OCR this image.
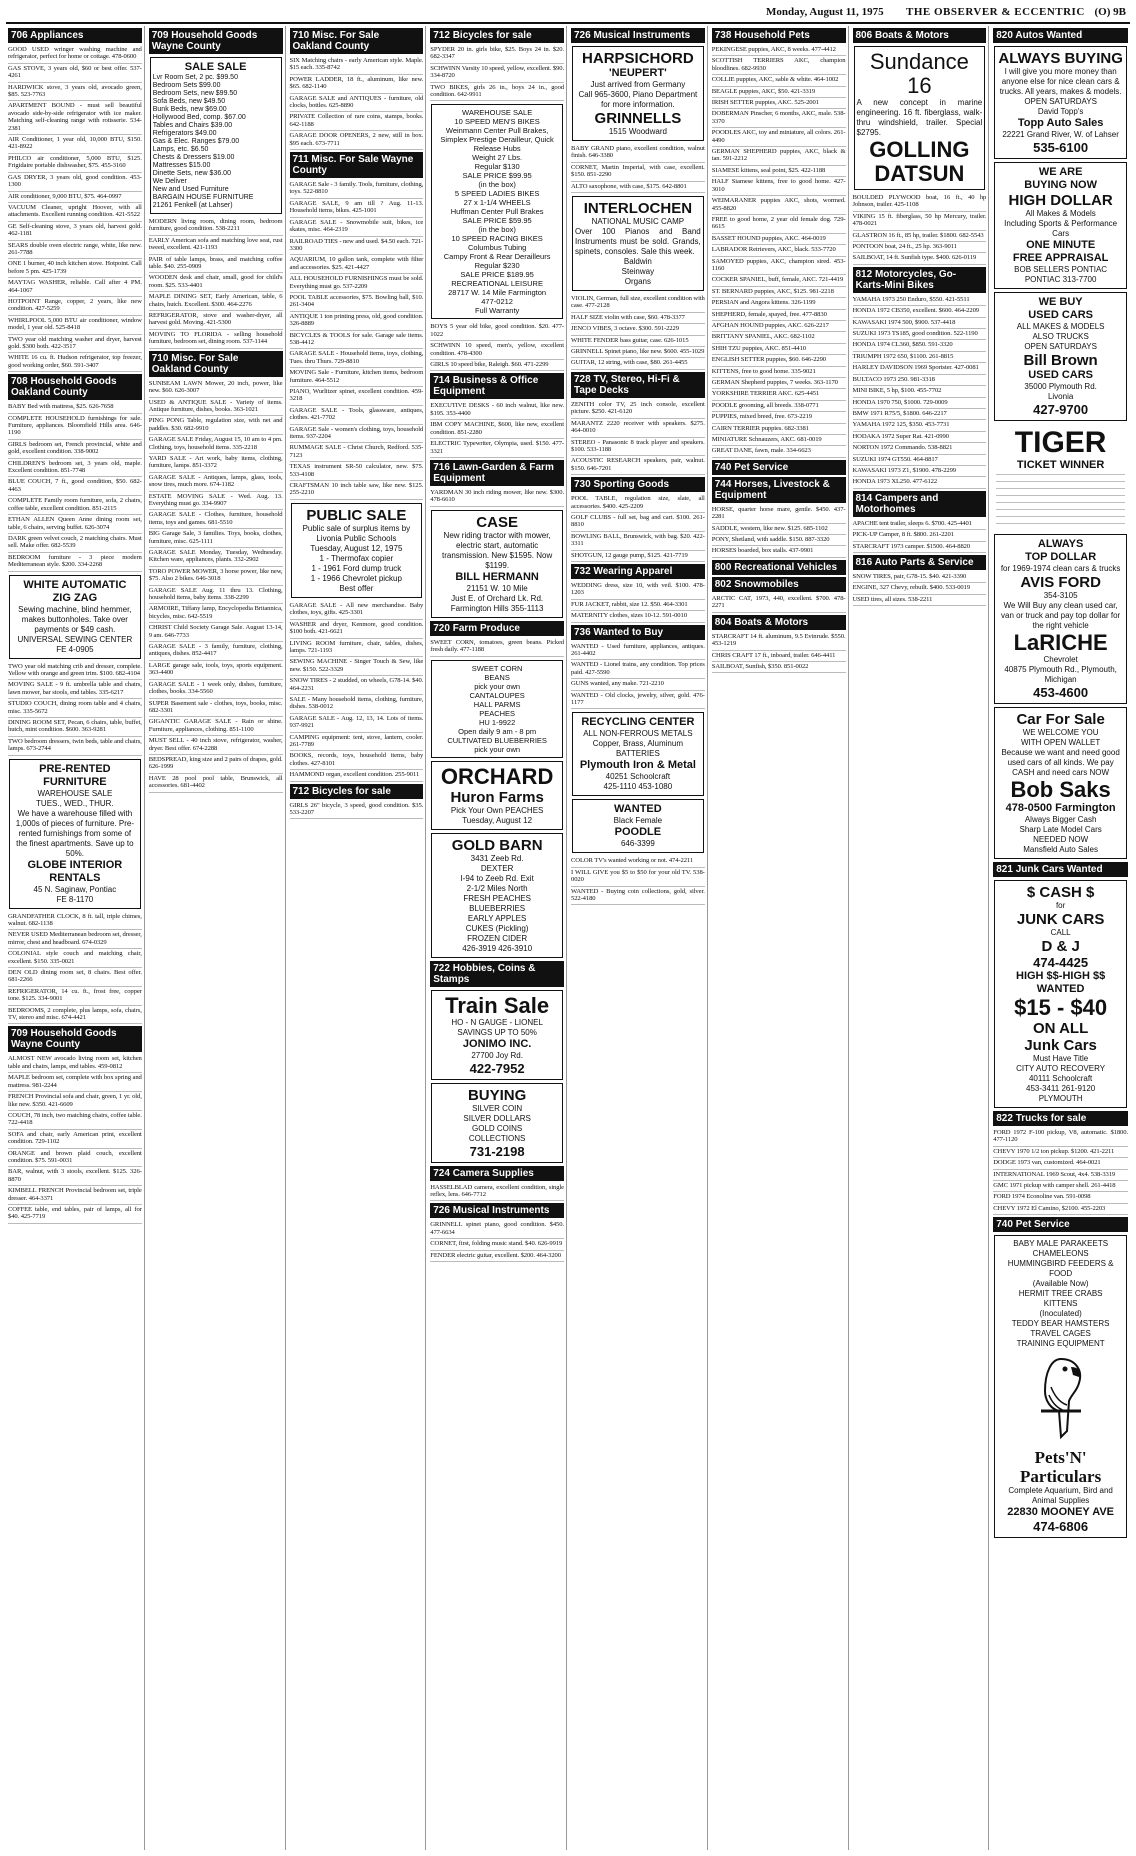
Monday, August 11, 1975 THE OBSERVER & ECCENTRIC (O) 9B
706 Appliances
GOOD USED wringer washing machine and refrigerator, perfect for home or cottage. 478-0600
GAS STOVE, 3 years old, $60 or best offer. 537-4261
HARDWICK stove, 3 years old, avocado green, $85. 523-7763
APARTMENT BOUND - must sell beautiful avocado side-by-side refrigerator with ice maker. Matching self-cleaning range with rotisserie. 534-2381
AIR Conditioner, 1 year old, 10,000 BTU, $150. 421-8922
PHILCO air conditioner, 5,000 BTU, $125. Frigidaire portable dishwasher, $75. 455-3160
GAS DRYER, 3 years old, good condition. 453-1300
AIR conditioner, 9,000 BTU, $75. 464-0997
VACUUM Cleaner, upright Hoover, with all attachments. Excellent running condition. 421-5522
GE Self-cleaning stove, 3 years old, harvest gold. 462-1181
SEARS double oven electric range, white, like new. 261-7788
ONE 1 burner, 40 inch kitchen stove. Hotpoint. Call before 5 pm. 425-1739
MAYTAG WASHER, reliable. Call after 4 PM. 464-1067
HOTPOINT Range, copper, 2 years, like new condition. 427-5259
WHIRLPOOL 5,000 BTU air conditioner, window model, 1 year old. 525-8418
TWO year old matching washer and dryer, harvest gold. $300 both. 422-3517
WHITE 16 cu. ft. Hudson refrigerator, top freezer, good working order, $60. 591-3407
708 Household Goods Oakland County
BABY Bed with mattress, $25. 626-7658
COMPLETE HOUSEHOLD furnishings for sale. Furniture, appliances. Bloomfield Hills area. 646-1190
GIRLS bedroom set, French provincial, white and gold, excellent condition. 338-9002
CHILDREN'S bedroom set, 3 years old, maple. Excellent condition. 851-7748
BLUE COUCH, 7 ft., good condition, $50. 682-4463
COMPLETE Family room furniture, sofa, 2 chairs, coffee table, excellent condition. 851-2115
ETHAN ALLEN Queen Anne dining room set, table, 6 chairs, serving buffet. 626-3074
DARK green velvet couch, 2 matching chairs. Must sell. Make offer. 682-5539
BEDROOM furniture - 3 piece modern Mediterranean style. $200. 334-2268
WHITE AUTOMATIC
ZIG ZAG
Sewing machine, blind hemmer, makes buttonholes. Take over payments or $49 cash. UNIVERSAL SEWING CENTER
FE 4-0905
TWO year old matching crib and dresser, complete. Yellow with orange and green trim. $100. 682-4104
MOVING SALE - 9 ft. umbrella table and chairs, lawn mower, bar stools, end tables. 335-6217
STUDIO COUCH, dining room table and 4 chairs, misc. 335-5672
DINING ROOM SET, Pecan, 6 chairs, table, buffet, hutch, mint condition. $600. 363-9281
TWO bedroom dressers, twin beds, table and chairs, lamps. 673-2744
PRE-RENTED FURNITURE
WAREHOUSE SALE
TUES., WED., THUR.
We have a warehouse filled with 1,000s of pieces of furniture. Pre-rented furnishings from some of the finest apartments. Save up to 50%.
GLOBE INTERIOR RENTALS
45 N. Saginaw, Pontiac
FE 8-1170
GRANDFATHER CLOCK, 8 ft. tall, triple chimes, walnut. 682-1138
NEVER USED Mediterranean bedroom set, dresser, mirror, chest and headboard. 674-0329
COLONIAL style couch and matching chair, excellent. $150. 335-0021
DEN OLD dining room set, 8 chairs. Best offer. 681-2266
REFRIGERATOR, 14 cu. ft., frost free, copper tone. $125. 334-9001
BEDROOMS, 2 complete, plus lamps, sofa, chairs, TV, stereo and misc. 674-4421
709 Household Goods Wayne County
ALMOST NEW avocado living room set, kitchen table and chairs, lamps, end tables. 459-0812
MAPLE bedroom set, complete with box spring and mattress. 981-2244
FRENCH Provincial sofa and chair, green, 1 yr. old, like new. $350. 421-6609
COUCH, 78 inch, two matching chairs, coffee table. 722-4418
SOFA and chair, early American print, excellent condition. 729-1102
ORANGE and brown plaid couch, excellent condition. $75. 591-0031
BAR, walnut, with 3 stools, excellent. $125. 326-8870
KIMBELL FRENCH Provincial bedroom set, triple dresser. 464-3371
COFFEE table, end tables, pair of lamps, all for $40. 425-7719
709 Household Goods Wayne County
SALE SALE
Lvr Room Set, 2 pc. $99.50
Bedroom Sets $99.00
Bedroom Sets, new $99.50
Sofa Beds, new $49.50
Bunk Beds, new $69.00
Hollywood Bed, comp. $67.00
Tables and Chairs $39.00
Refrigerators $49.00
Gas & Elec. Ranges $79.00
Lamps, etc. $6.50
Chests & Dressers $19.00
Mattresses $15.00
Dinette Sets, new $36.00
We Deliver
New and Used Furniture
BARGAIN HOUSE FURNITURE
21261 Fenkell (at Lahser)
MODERN living room, dining room, bedroom furniture, good condition. 538-2211
EARLY American sofa and matching love seat, rust tweed, excellent. 421-1193
PAIR of table lamps, brass, and matching coffee table. $40. 255-0909
WOODEN desk and chair, small, good for child's room. $25. 533-4401
MAPLE DINING SET, Early American, table, 6 chairs, hutch. Excellent. $300. 464-2276
REFRIGERATOR, stove and washer-dryer, all harvest gold. Moving. 421-5300
MOVING TO FLORIDA - selling household furniture, bedroom set, dining room. 537-1144
710 Misc. For Sale Oakland County
SUNBEAM LAWN Mower, 20 inch, power, like new. $60. 626-3007
USED & ANTIQUE SALE - Variety of items. Antique furniture, dishes, books. 363-1021
PING PONG Table, regulation size, with net and paddles. $30. 682-9910
GARAGE SALE Friday, August 15, 10 am to 4 pm. Clothing, toys, household items. 335-2218
YARD SALE - Art work, baby items, clothing, furniture, lamps. 851-3372
GARAGE SALE - Antiques, lamps, glass, tools, snow tires, much more. 674-1182
ESTATE MOVING SALE - Wed. Aug. 13. Everything must go. 334-9907
GARAGE SALE - Clothes, furniture, household items, toys and games. 681-5510
BIG Garage Sale, 3 families. Toys, books, clothes, furniture, misc. 625-1111
GARAGE SALE Monday, Tuesday, Wednesday. Kitchen ware, appliances, plants. 332-2902
TORO POWER MOWER, 3 horse power, like new, $75. Also 2 bikes. 646-3018
GARAGE SALE Aug. 11 thru 13. Clothing, household items, baby items. 338-2299
ARMOIRE, Tiffany lamp, Encyclopedia Britannica, bicycles, misc. 642-5519
CHRIST Child Society Garage Sale. August 13-14, 9 am. 646-7733
GARAGE SALE - 3 family, furniture, clothing, antiques, dishes. 852-4417
LARGE garage sale, tools, toys, sports equipment. 363-4400
GARAGE SALE - 1 week only, dishes, furniture, clothes, books. 334-5560
SUPER Basement sale - clothes, toys, books, misc. 682-3301
GIGANTIC GARAGE SALE - Rain or shine. Furniture, appliances, clothing. 851-1100
MUST SELL - 40 inch stove, refrigerator, washer, dryer. Best offer. 674-2288
BEDSPREAD, king size and 2 pairs of drapes, gold. 626-1999
HAVE 28 pool pool table, Brunswick, all accessories. 681-4402
710 Misc. For Sale Oakland County
SIX Matching chairs - early American style. Maple. $15 each. 335-8742
POWER LADDER, 18 ft., aluminum, like new. $65. 682-1140
GARAGE SALE and ANTIQUES - furniture, old clocks, bottles. 625-8890
PRIVATE Collection of rare coins, stamps, books. 642-1188
GARAGE DOOR OPENERS, 2 new, still in box. $95 each. 673-7711
711 Misc. For Sale Wayne County
GARAGE Sale - 3 family. Tools, furniture, clothing, toys. 522-8810
GARAGE SALE, 9 am till ? Aug. 11-13. Household items, bikes. 425-1001
GARAGE SALE - Snowmobile suit, bikes, ice skates, misc. 464-2319
RAILROAD TIES - new and used. $4.50 each. 721-3300
AQUARIUM, 10 gallon tank, complete with filter and accessories. $25. 421-4427
ALL HOUSEHOLD FURNISHINGS must be sold. Everything must go. 537-2209
POOL TABLE accessories, $75. Bowling ball, $10. 261-3404
ANTIQUE 1 ton printing press, old, good condition. 326-8889
BICYCLES & TOOLS for sale. Garage sale items. 538-4412
GARAGE SALE - Household items, toys, clothing, Tues. thru Thurs. 729-8810
MOVING Sale - Furniture, kitchen items, bedroom furniture. 464-5512
PIANO, Wurlitzer spinet, excellent condition. 459-3218
GARAGE SALE - Tools, glassware, antiques, clothes. 421-7702
GARAGE Sale - women's clothing, toys, household items. 937-2204
RUMMAGE SALE - Christ Church, Redford. 535-7123
TEXAS instrument SR-50 calculator, new. $75. 533-4108
CRAFTSMAN 10 inch table saw, like new. $125. 255-2210
PUBLIC SALE
Public sale of surplus items by Livonia Public Schools
Tuesday, August 12, 1975
1 - Thermofax copier
1 - 1961 Ford dump truck
1 - 1966 Chevrolet pickup
Best offer
GARAGE SALE - All new merchandise. Baby clothes, toys, gifts. 425-3301
WASHER and dryer, Kenmore, good condition. $100 both. 421-6621
LIVING ROOM furniture, chair, tables, dishes, lamps. 721-1193
SEWING MACHINE - Singer Touch & Sew, like new. $150. 522-3329
SNOW TIRES - 2 studded, on wheels, G78-14. $40. 464-2231
SALE - Many household items, clothing, furniture, dishes. 538-0012
GARAGE SALE - Aug. 12, 13, 14. Lots of items. 937-9921
CAMPING equipment: tent, stove, lantern, cooler. 261-7789
BOOKS, records, toys, household items, baby clothes. 427-8101
HAMMOND organ, excellent condition. 255-9011
712 Bicycles for sale
GIRLS 26" bicycle, 3 speed, good condition. $35. 533-2207
712 Bicycles for sale
SPYDER 20 in. girls bike, $25. Boys 24 in. $20. 682-3347
SCHWINN Varsity 10 speed, yellow, excellent. $90. 334-8720
TWO BIKES, girls 26 in., boys 24 in., good condition. 642-9911
WAREHOUSE SALE
10 SPEED MEN'S BIKES
Weinmann Center Pull Brakes, Simplex Prestige Derailleur, Quick Release Hubs
Weight 27 Lbs.
Regular $130
SALE PRICE $99.95
(in the box)
5 SPEED LADIES BIKES
27 x 1-1/4 WHEELS
Huffman Center Pull Brakes
SALE PRICE $59.95
(in the box)
10 SPEED RACING BIKES
Columbus Tubing
Campy Front & Rear Derailleurs
Regular $230
SALE PRICE $189.95
RECREATIONAL LEISURE
28717 W. 14 Mile Farmington
477-0212
Full Warranty
BOYS 5 year old bike, good condition. $20. 477-1022
SCHWINN 10 speed, men's, yellow, excellent condition. 478-4300
GIRLS 10 speed bike, Raleigh. $60. 471-2299
714 Business & Office Equipment
EXECUTIVE DESKS - 60 inch walnut, like new. $195. 353-4400
IBM COPY MACHINE, $600, like new, excellent condition. 851-2280
ELECTRIC Typewriter, Olympia, used. $150. 477-3321
716 Lawn-Garden & Farm Equipment
YARDMAN 30 inch riding mower, like new. $300. 478-6610
CASE
New riding tractor with mower, electric start, automatic transmission. New $1595. Now $1199.
BILL HERMANN
21151 W. 10 Mile
Just E. of Orchard Lk. Rd.
Farmington Hills 355-1113
720 Farm Produce
SWEET CORN, tomatoes, green beans. Picked fresh daily. 477-1188
SWEET CORN
BEANS
pick your own
CANTALOUPES
HALL PARMS
PEACHES
HU 1-9922
Open daily 9 am - 8 pm
CULTIVATED BLUEBERRIES
pick your own
ORCHARD
Huron Farms
Pick Your Own PEACHES
Tuesday, August 12
GOLD BARN
3431 Zeeb Rd.
DEXTER
I-94 to Zeeb Rd. Exit
2-1/2 Miles North
FRESH PEACHES
BLUEBERRIES
EARLY APPLES
CUKES (Pickling)
FROZEN CIDER
426-3919 426-3910
722 Hobbies, Coins & Stamps
Train Sale
HO - N GAUGE - LIONEL
SAVINGS UP TO 50%
JONIMO INC.
27700 Joy Rd.
422-7952
BUYING
SILVER COIN
SILVER DOLLARS
GOLD COINS
COLLECTIONS
731-2198
724 Camera Supplies
HASSELBLAD camera, excellent condition, single reflex, lens. 646-7712
726 Musical Instruments
GRINNELL spinet piano, good condition. $450. 477-6634
CORNET, first, folding music stand. $40. 626-9919
FENDER electric guitar, excellent. $200. 464-3200
726 Musical Instruments
HARPSICHORD
'NEUPERT'
Just arrived from Germany
Call 965-3600, Piano Department for more information.
GRINNELLS
1515 Woodward
BABY GRAND piano, excellent condition, walnut finish. 646-3380
CORNET, Martin Imperial, with case, excellent. $150. 851-2290
ALTO saxophone, with case, $175. 642-8801
INTERLOCHEN
NATIONAL MUSIC CAMP
Over 100 Pianos and Band Instruments must be sold. Grands, spinets, consoles. Sale this week.
Baldwin
Steinway
Organs
VIOLIN, German, full size, excellent condition with case. 477-2128
HALF SIZE violin with case, $60. 478-3377
JENCO VIBES, 3 octave. $300. 591-2229
WHITE FENDER bass guitar, case. 626-1015
GRINNELL Spinet piano, like new. $600. 455-1029
GUITAR, 12 string, with case, $80. 261-4455
728 TV, Stereo, Hi-Fi & Tape Decks
ZENITH color TV, 25 inch console, excellent picture. $250. 421-6120
MARANTZ 2220 receiver with speakers. $275. 464-0010
STEREO - Panasonic 8 track player and speakers. $100. 533-1188
ACOUSTIC RESEARCH speakers, pair, walnut. $150. 646-7201
730 Sporting Goods
POOL TABLE, regulation size, slate, all accessories. $400. 425-2209
GOLF CLUBS - full set, bag and cart. $100. 261-8810
BOWLING BALL, Brunswick, with bag. $20. 422-3311
SHOTGUN, 12 gauge pump, $125. 421-7719
732 Wearing Apparel
WEDDING dress, size 10, with veil. $100. 478-1203
FUR JACKET, rabbit, size 12. $50. 464-3301
MATERNITY clothes, sizes 10-12. 591-0010
736 Wanted to Buy
WANTED - Used furniture, appliances, antiques. 261-4402
WANTED - Lionel trains, any condition. Top prices paid. 427-5590
GUNS wanted, any make. 721-2210
WANTED - Old clocks, jewelry, silver, gold. 476-1177
RECYCLING CENTER
ALL NON-FERROUS METALS
Copper, Brass, Aluminum
BATTERIES
Plymouth Iron & Metal
40251 Schoolcraft
425-1110 453-1080
WANTED
Black Female
POODLE
646-3399
COLOR TV's wanted working or not. 474-2211
I WILL GIVE you $5 to $50 for your old TV. 538-0020
WANTED - Buying coin collections, gold, silver. 522-4180
738 Household Pets
PEKINGESE puppies, AKC, 8 weeks. 477-4412
SCOTTISH TERRIERS AKC, champion bloodlines. 682-9930
COLLIE puppies, AKC, sable & white. 464-1002
BEAGLE puppies, AKC, $50. 421-3319
IRISH SETTER puppies, AKC. 525-2001
DOBERMAN Pinscher, 6 months, AKC, male. 538-3370
POODLES AKC, toy and miniature, all colors. 261-4490
GERMAN SHEPHERD puppies, AKC, black & tan. 591-2212
SIAMESE kittens, seal point, $25. 422-1188
HALF Siamese kittens, free to good home. 427-3010
WEIMARANER puppies AKC, shots, wormed. 455-8820
FREE to good home, 2 year old female dog. 729-6615
BASSET HOUND puppies, AKC. 464-0019
LABRADOR Retrievers, AKC, black. 533-7720
SAMOYED puppies, AKC, champion sired. 453-1160
COCKER SPANIEL, buff, female, AKC. 721-4419
ST. BERNARD puppies, AKC, $125. 981-2218
PERSIAN and Angora kittens. 326-1199
SHEPHERD, female, spayed, free. 477-8830
AFGHAN HOUND puppies, AKC. 626-2217
BRITTANY SPANIEL, AKC. 682-1102
SHIH TZU puppies, AKC. 851-4410
ENGLISH SETTER puppies, $60. 646-2290
KITTENS, free to good home. 335-9021
GERMAN Shepherd puppies, 7 weeks. 363-1170
YORKSHIRE TERRIER AKC. 625-4451
POODLE grooming, all breeds. 338-0771
PUPPIES, mixed breed, free. 673-2219
CAIRN TERRIER puppies. 682-3381
MINIATURE Schnauzers, AKC. 681-0019
GREAT DANE, fawn, male. 334-6623
740 Pet Service
744 Horses, Livestock & Equipment
HORSE, quarter horse mare, gentle. $450. 437-2281
SADDLE, western, like new. $125. 685-1102
PONY, Shetland, with saddle. $150. 887-3320
HORSES boarded, box stalls. 437-9901
800 Recreational Vehicles
802 Snowmobiles
ARCTIC CAT, 1973, 440, excellent. $700. 478-2271
804 Boats & Motors
STARCRAFT 14 ft. aluminum, 9.5 Evinrude. $550. 453-1219
CHRIS CRAFT 17 ft., inboard, trailer. 646-4411
SAILBOAT, Sunfish, $350. 851-0022
806 Boats & Motors
Sundance 16
A new concept in marine engineering. 16 ft. fiberglass, walk-thru windshield, trailer. Special $2795.
GOLLING
DATSUN
BOULDED PLYWOOD boat, 16 ft., 40 hp Johnson, trailer. 425-1108
VIKING 15 ft. fiberglass, 50 hp Mercury, trailer. 478-0021
GLASTRON 16 ft., 85 hp, trailer. $1800. 682-5543
PONTOON boat, 24 ft., 25 hp. 363-9011
SAILBOAT, 14 ft. Sunfish type. $400. 626-0119
812 Motorcycles, Go-Karts-Mini Bikes
YAMAHA 1973 250 Enduro, $550. 421-5511
HONDA 1972 CB350, excellent. $600. 464-2209
KAWASAKI 1974 500, $900. 537-4418
SUZUKI 1973 TS185, good condition. 522-1190
HONDA 1974 CL360, $850. 591-3320
TRIUMPH 1972 650, $1100. 261-8815
HARLEY DAVIDSON 1969 Sportster. 427-0081
BULTACO 1973 250. 981-3318
MINI BIKE, 5 hp, $100. 455-7702
HONDA 1970 750, $1000. 729-0009
BMW 1971 R75/5, $1800. 646-2217
YAMAHA 1972 125, $350. 453-7731
HODAKA 1972 Super Rat. 421-0990
NORTON 1972 Commando. 538-8821
SUZUKI 1974 GT550. 464-8817
KAWASAKI 1973 Z1, $1900. 478-2299
HONDA 1973 XL250. 477-6122
814 Campers and Motorhomes
APACHE tent trailer, sleeps 6. $700. 425-4401
PICK-UP Camper, 8 ft. $800. 261-2201
STARCRAFT 1973 camper. $1500. 464-8820
816 Auto Parts & Service
SNOW TIRES, pair, G78-15. $40. 421-3390
ENGINE, 327 Chevy, rebuilt. $400. 533-0019
USED tires, all sizes. 538-2211
820 Autos Wanted
ALWAYS BUYING
I will give you more money than anyone else for nice clean cars & trucks. All years, makes & models.
OPEN SATURDAYS
David Topp's
Topp Auto Sales
22221 Grand River, W. of Lahser
535-6100
WE ARE
BUYING NOW
HIGH DOLLAR
All Makes & Models
Including Sports & Performance Cars
ONE MINUTE
FREE APPRAISAL
BOB SELLERS PONTIAC
PONTIAC 313-7700
WE BUY
USED CARS
ALL MAKES & MODELS
ALSO TRUCKS
OPEN SATURDAYS
Bill Brown
USED CARS
35000 Plymouth Rd.
Livonia
427-9700
TIGER
TICKET WINNER
ALWAYS
TOP DOLLAR
for 1969-1974 clean cars & trucks
AVIS FORD
354-3105
We Will Buy any clean used car, van or truck and pay top dollar for the right vehicle
LaRICHE
Chevrolet
40875 Plymouth Rd., Plymouth, Michigan
453-4600
Car For Sale
WE WELCOME YOU
WITH OPEN WALLET
Because we want and need good used cars of all kinds. We pay CASH and need cars NOW
Bob Saks
478-0500 Farmington
Always Bigger Cash
Sharp Late Model Cars
NEEDED NOW
Mansfield Auto Sales
821 Junk Cars Wanted
$ CASH $
for
JUNK CARS
CALL
D & J
474-4425
HIGH $$-HIGH $$
WANTED
$15 - $40
ON ALL
Junk Cars
Must Have Title
CITY AUTO RECOVERY
40111 Schoolcraft
453-3411 261-9120
PLYMOUTH
822 Trucks for sale
FORD 1972 F-100 pickup, V8, automatic. $1800. 477-1120
CHEVY 1970 1/2 ton pickup. $1200. 421-2211
DODGE 1973 van, customized. 464-0021
INTERNATIONAL 1969 Scout, 4x4. 538-3319
GMC 1971 pickup with camper shell. 261-4418
FORD 1974 Econoline van. 591-0098
CHEVY 1972 El Camino, $2100. 455-2203
740 Pet Service
BABY MALE PARAKEETS
CHAMELEONS
HUMMINGBIRD FEEDERS & FOOD
(Available Now)
HERMIT TREE CRABS
KITTENS
(Inoculated)
TEDDY BEAR HAMSTERS
TRAVEL CAGES
TRAINING EQUIPMENT
Pets'N' Particulars
Complete Aquarium, Bird and Animal Supplies
22830 MOONEY AVE
474-6806
